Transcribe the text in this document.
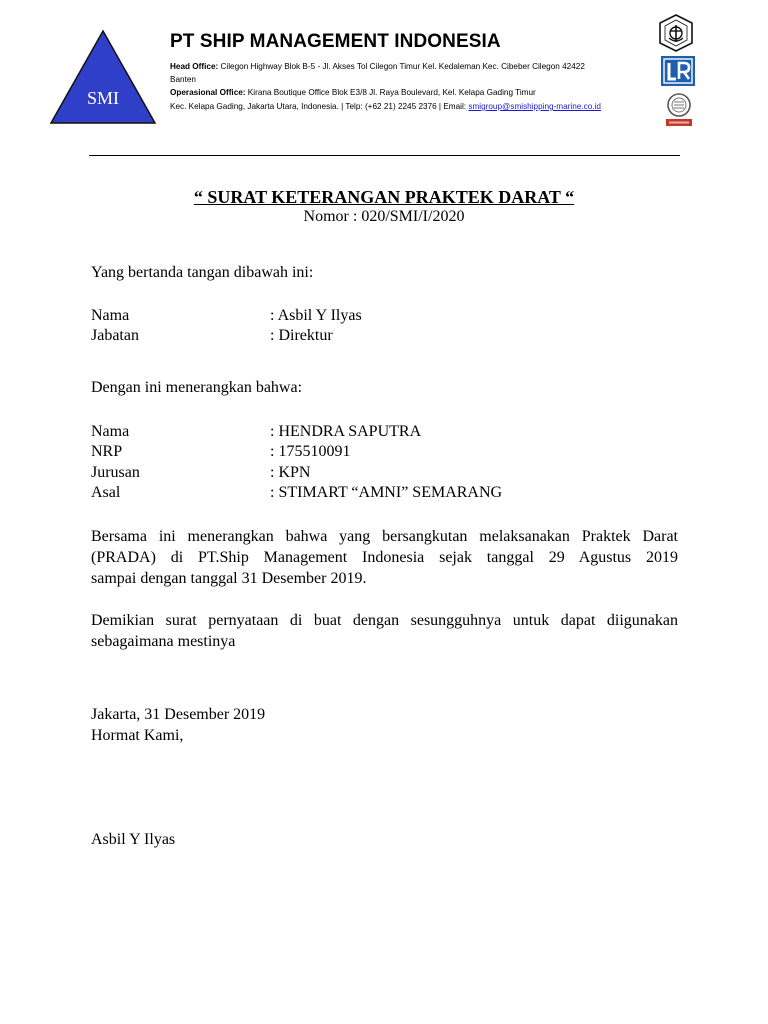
SMI
PT SHIP MANAGEMENT INDONESIA
Head Office: Cilegon Highway Blok B-5 - Jl. Akses Tol Cilegon Timur Kel. Kedaleman Kec. Cibeber Cilegon 42422
Banten
Operasional Office: Kirana Boutique Office Blok E3/8 Jl. Raya Boulevard, Kel. Kelapa Gading Timur
Kec. Kelapa Gading, Jakarta Utara, Indonesia. | Telp: (+62 21) 2245 2376 | Email: smigroup@smishipping-marine.co.id
“ SURAT KETERANGAN PRAKTEK DARAT “
Nomor : 020/SMI/I/2020
Yang bertanda tangan dibawah ini:
Nama	: Asbil Y Ilyas
Jabatan	: Direktur
Dengan ini menerangkan bahwa:
Nama	: HENDRA SAPUTRA
NRP	: 175510091
Jurusan	: KPN
Asal	: STIMART “AMNI” SEMARANG
Bersama ini menerangkan bahwa yang bersangkutan melaksanakan Praktek Darat
(PRADA) di PT.Ship Management Indonesia sejak tanggal 29 Agustus 2019
sampai dengan tanggal 31 Desember 2019.
Demikian surat pernyataan di buat dengan sesungguhnya untuk dapat diigunakan
sebagaimana mestinya
Jakarta, 31 Desember 2019
Hormat Kami,
Asbil Y Ilyas
